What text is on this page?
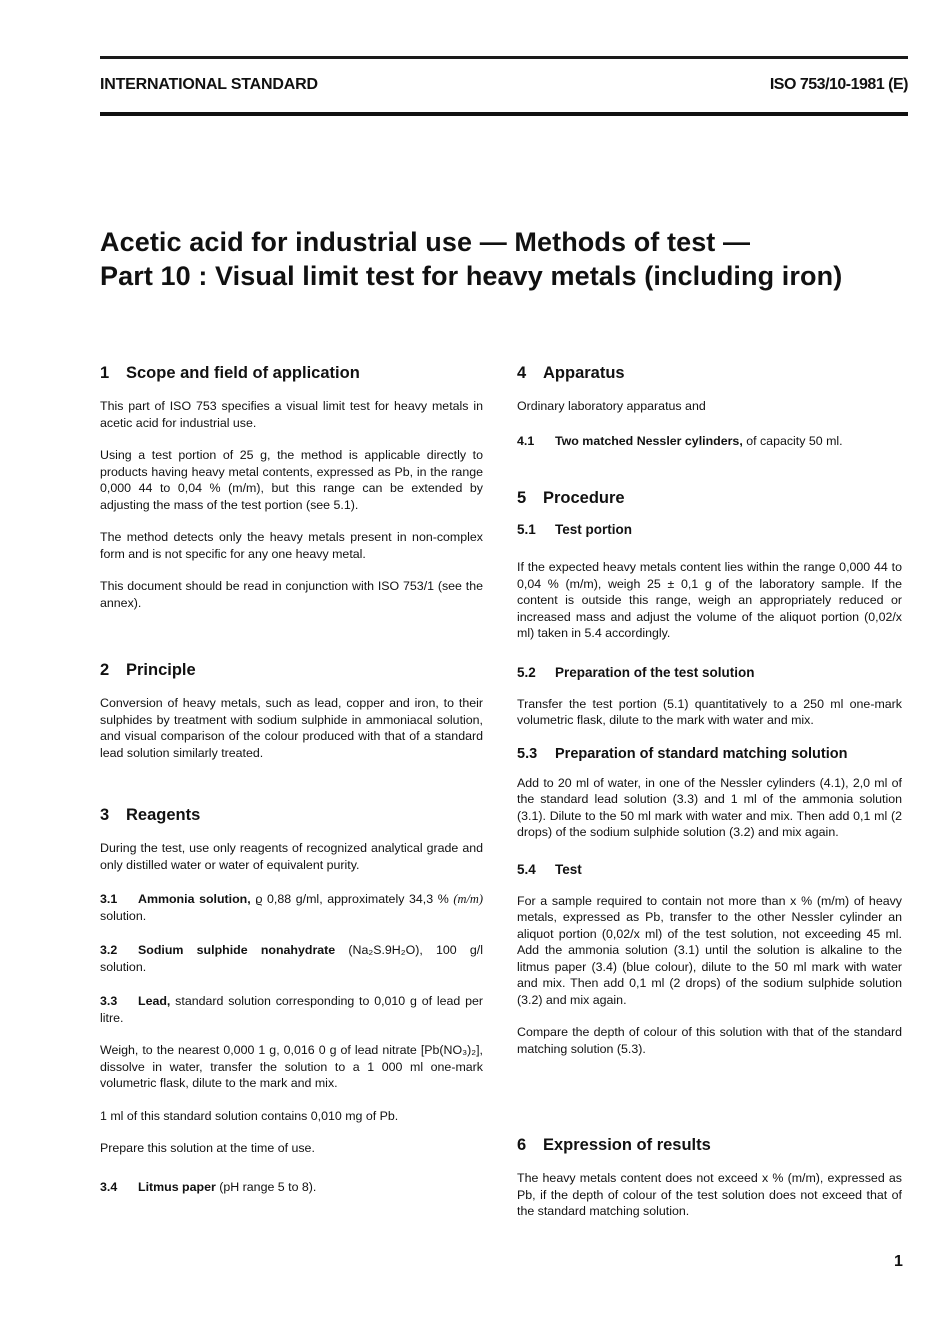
INTERNATIONAL STANDARD	ISO 753/10-1981 (E)
Acetic acid for industrial use — Methods of test —
Part 10 : Visual limit test for heavy metals (including iron)
1 Scope and field of application

This part of ISO 753 specifies a visual limit test for heavy metals in acetic acid for industrial use.

Using a test portion of 25 g, the method is applicable directly to products having heavy metal contents, expressed as Pb, in the range 0,000 44 to 0,04 % (m/m), but this range can be extended by adjusting the mass of the test portion (see 5.1).

The method detects only the heavy metals present in non-complex form and is not specific for any one heavy metal.

This document should be read in conjunction with ISO 753/1 (see the annex).

2 Principle

Conversion of heavy metals, such as lead, copper and iron, to their sulphides by treatment with sodium sulphide in ammoniacal solution, and visual comparison of the colour produced with that of a standard lead solution similarly treated.

3 Reagents

During the test, use only reagents of recognized analytical grade and only distilled water or water of equivalent purity.

3.1 Ammonia solution, ϱ 0,88 g/ml, approximately 34,3 % (m/m) solution.

3.2 Sodium sulphide nonahydrate (Na₂S.9H₂O), 100 g/l solution.

3.3 Lead, standard solution corresponding to 0,010 g of lead per litre.

Weigh, to the nearest 0,000 1 g, 0,016 0 g of lead nitrate [Pb(NO₃)₂], dissolve in water, transfer the solution to a 1 000 ml one-mark volumetric flask, dilute to the mark and mix.

1 ml of this standard solution contains 0,010 mg of Pb.

Prepare this solution at the time of use.

3.4 Litmus paper (pH range 5 to 8).

4 Apparatus

Ordinary laboratory apparatus and

4.1 Two matched Nessler cylinders, of capacity 50 ml.

5 Procedure
5.1 Test portion

If the expected heavy metals content lies within the range 0,000 44 to 0,04 % (m/m), weigh 25 ± 0,1 g of the laboratory sample. If the content is outside this range, weigh an appropriately reduced or increased mass and adjust the volume of the aliquot portion (0,02/x ml) taken in 5.4 accordingly.

5.2 Preparation of the test solution

Transfer the test portion (5.1) quantitatively to a 250 ml one-mark volumetric flask, dilute to the mark with water and mix.

5.3 Preparation of standard matching solution

Add to 20 ml of water, in one of the Nessler cylinders (4.1), 2,0 ml of the standard lead solution (3.3) and 1 ml of the ammonia solution (3.1). Dilute to the 50 ml mark with water and mix. Then add 0,1 ml (2 drops) of the sodium sulphide solution (3.2) and mix again.

5.4 Test

For a sample required to contain not more than x % (m/m) of heavy metals, expressed as Pb, transfer to the other Nessler cylinder an aliquot portion (0,02/x ml) of the test solution, not exceeding 45 ml. Add the ammonia solution (3.1) until the solution is alkaline to the litmus paper (3.4) (blue colour), dilute to the 50 ml mark with water and mix. Then add 0,1 ml (2 drops) of the sodium sulphide solution (3.2) and mix again.

Compare the depth of colour of this solution with that of the standard matching solution (5.3).

6 Expression of results

The heavy metals content does not exceed x % (m/m), expressed as Pb, if the depth of colour of the test solution does not exceed that of the standard matching solution.

1
